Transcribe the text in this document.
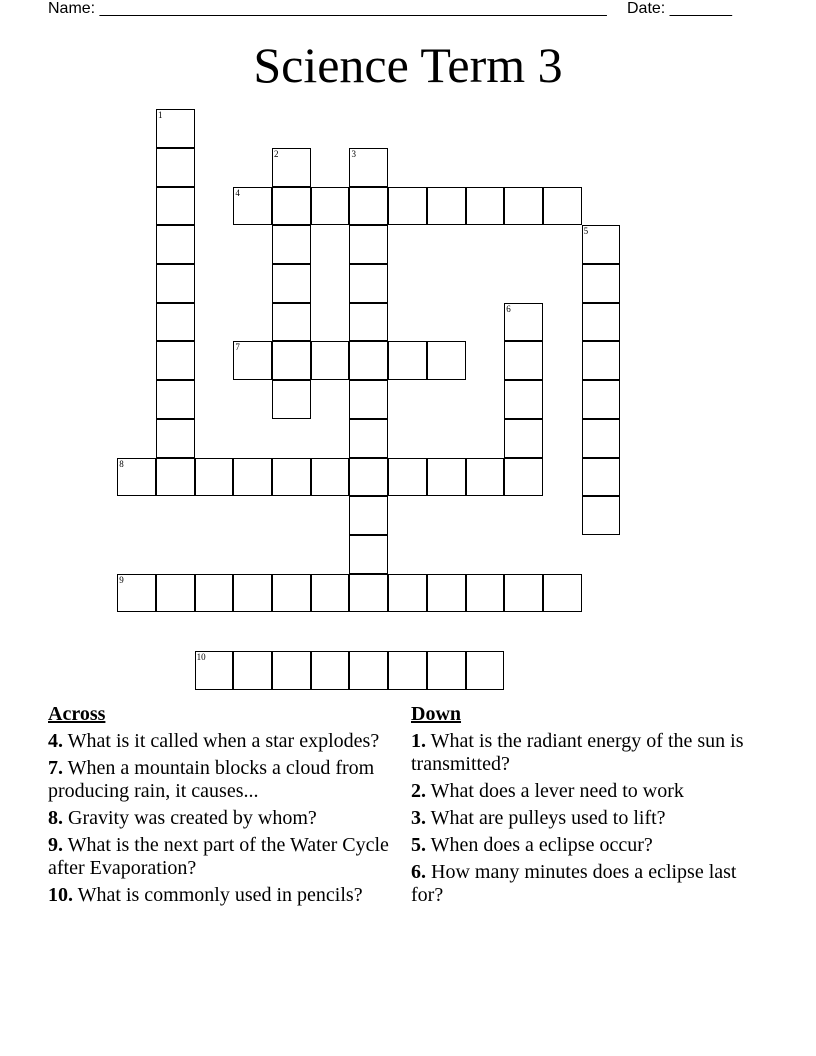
Name: _________________________________________________________ Date: _______
Science Term 3
1
2	3
4
5
6
7
8
9
10
Across
4. What is it called when a star explodes?
7. When a mountain blocks a cloud from producing rain, it causes...
8. Gravity was created by whom?
9. What is the next part of the Water Cycle after Evaporation?
10. What is commonly used in pencils?
Down
1. What is the radiant energy of the sun is transmitted?
2. What does a lever need to work
3. What are pulleys used to lift?
5. When does a eclipse occur?
6. How many minutes does a eclipse last for?
